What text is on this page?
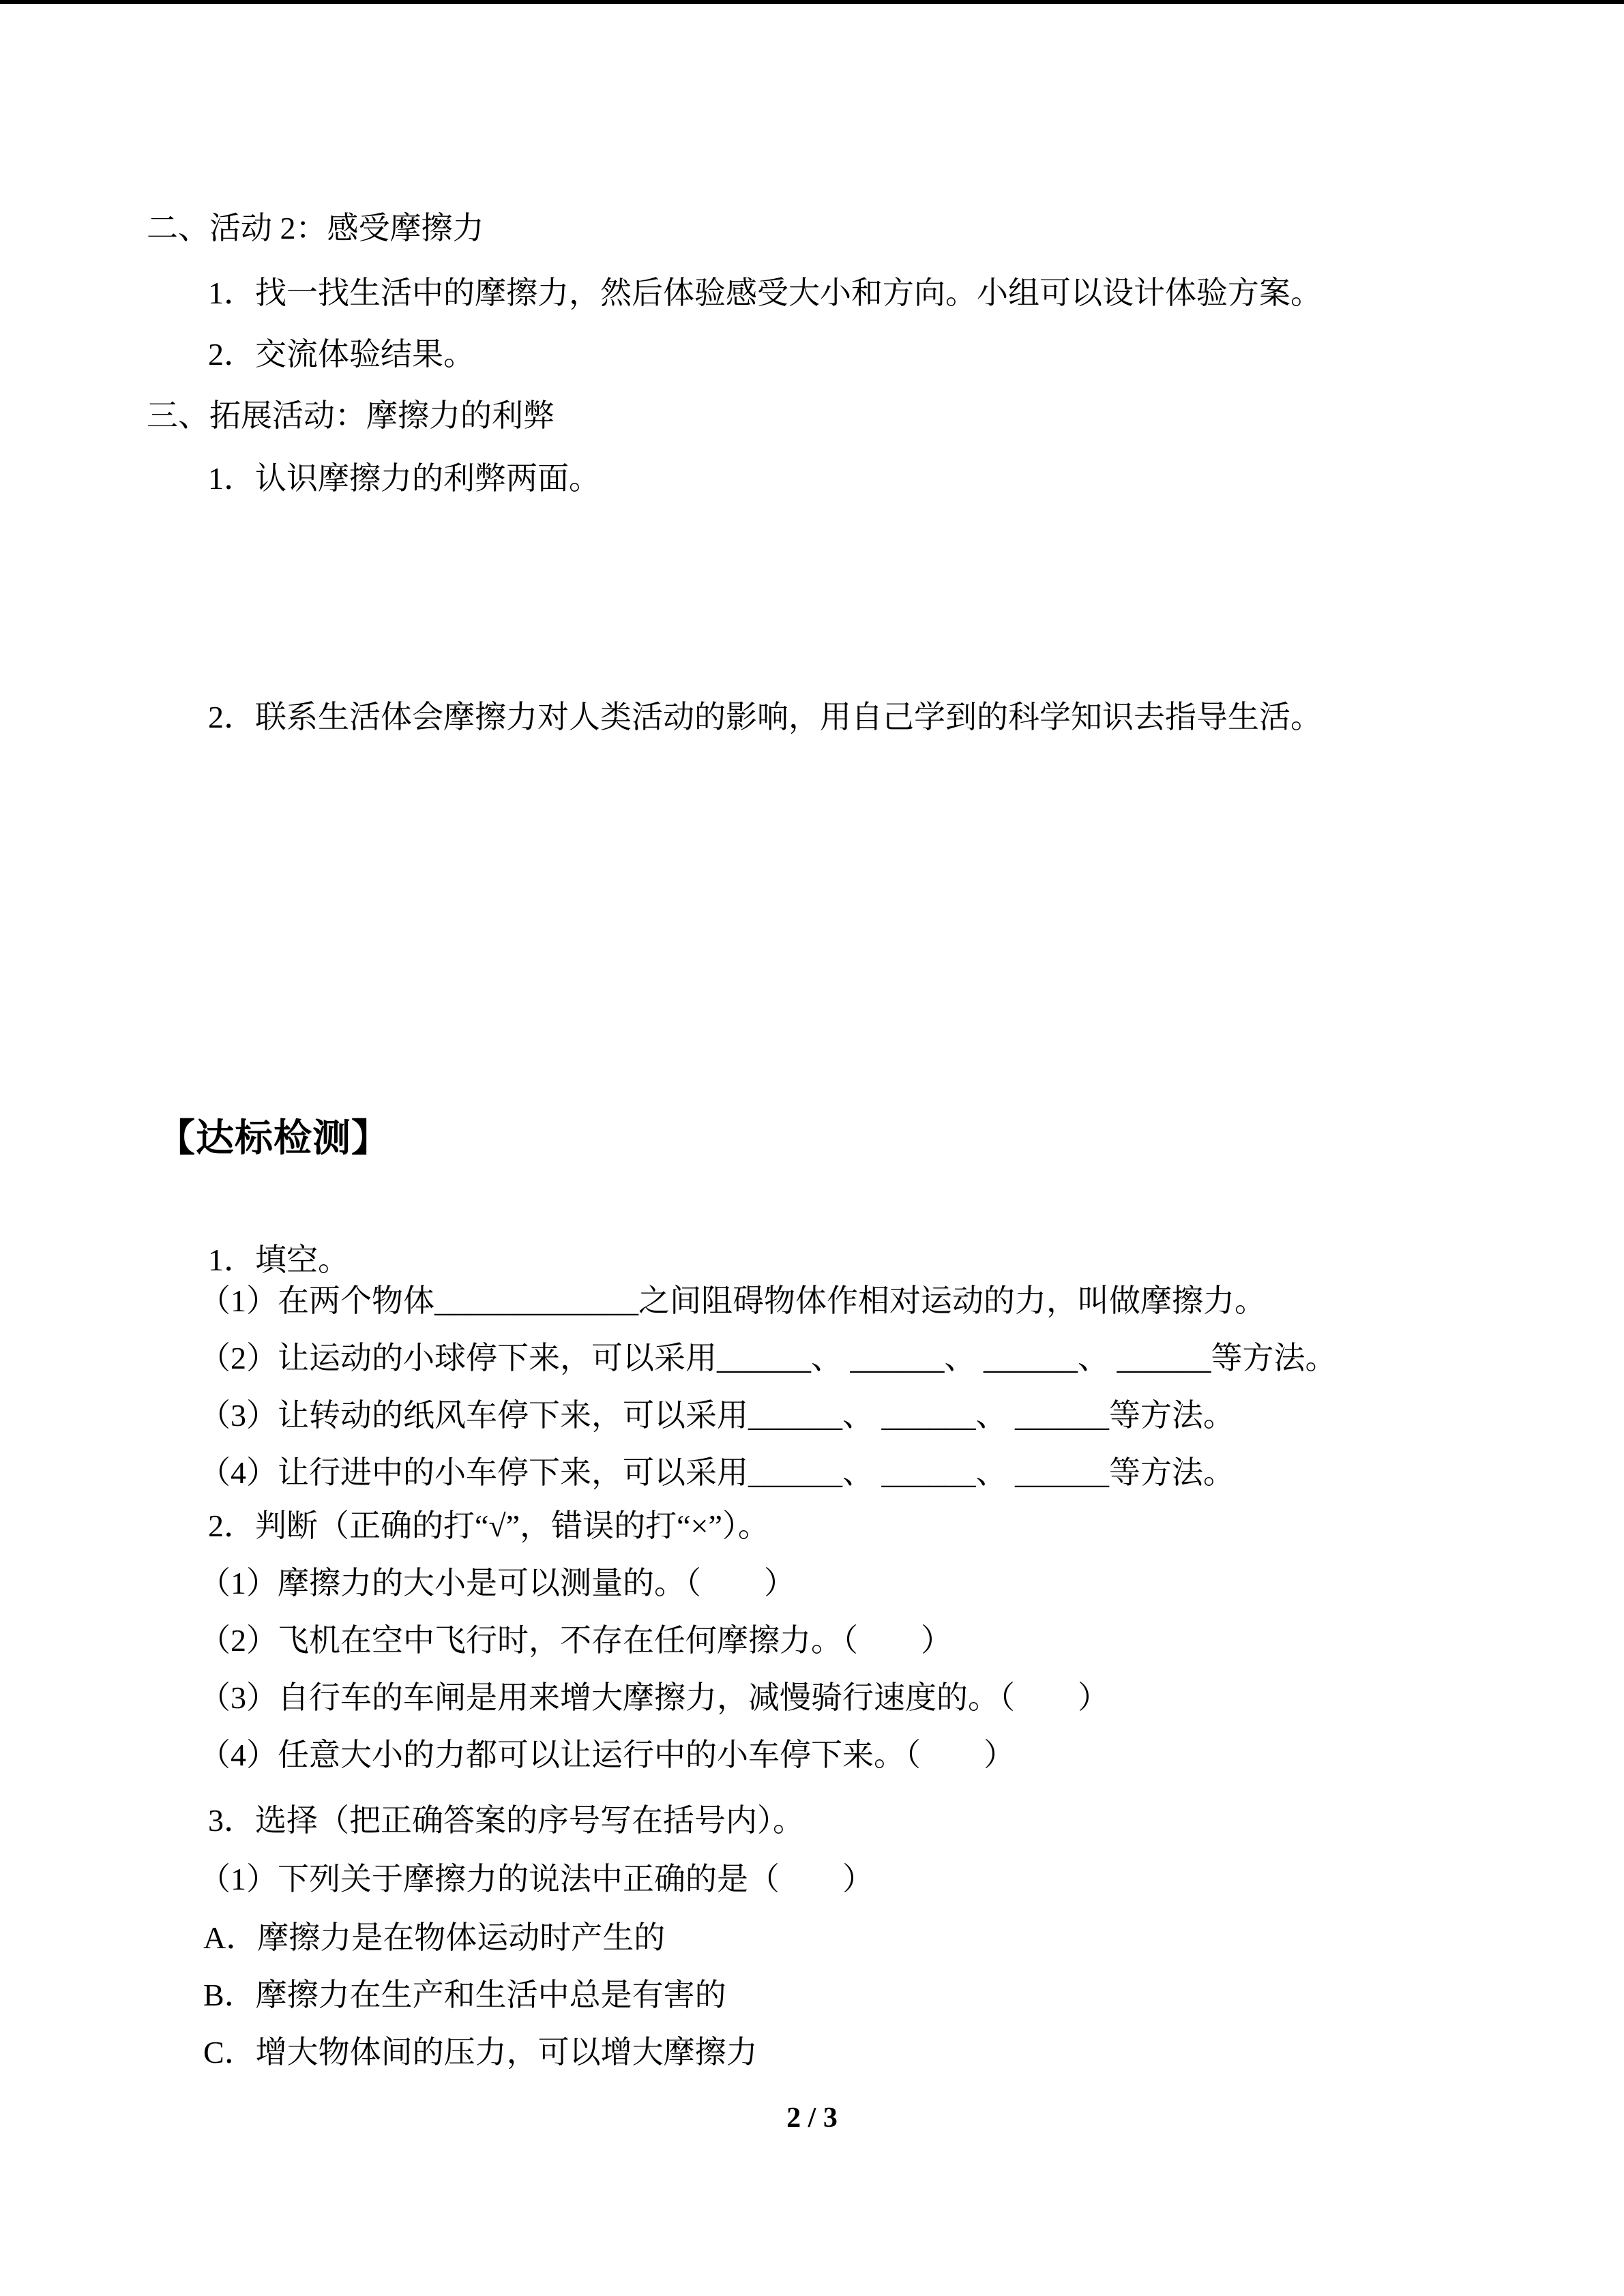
二、活动 2：感受摩擦力
1．找一找生活中的摩擦力，然后体验感受大小和方向。小组可以设计体验方案。
2．交流体验结果。
三、拓展活动：摩擦力的利弊
1．认识摩擦力的利弊两面。
2．联系生活体会摩擦力对人类活动的影响，用自己学到的科学知识去指导生活。
【达标检测】
1．填空。
（1）在两个物体_____________之间阻碍物体作相对运动的力，叫做摩擦力。
（2）让运动的小球停下来，可以采用______、 ______、 ______、 ______等方法。
（3）让转动的纸风车停下来，可以采用______、 ______、 ______等方法。
（4）让行进中的小车停下来，可以采用______、 ______、 ______等方法。
2．判断（正确的打“√”，错误的打“×”）。
（1）摩擦力的大小是可以测量的。（　　）
（2）飞机在空中飞行时，不存在任何摩擦力。（　　）
（3）自行车的车闸是用来增大摩擦力，减慢骑行速度的。（　　）
（4）任意大小的力都可以让运行中的小车停下来。（　　）
3．选择（把正确答案的序号写在括号内）。
（1）下列关于摩擦力的说法中正确的是（　　）
A．摩擦力是在物体运动时产生的
B．摩擦力在生产和生活中总是有害的
C．增大物体间的压力，可以增大摩擦力
2 / 3
